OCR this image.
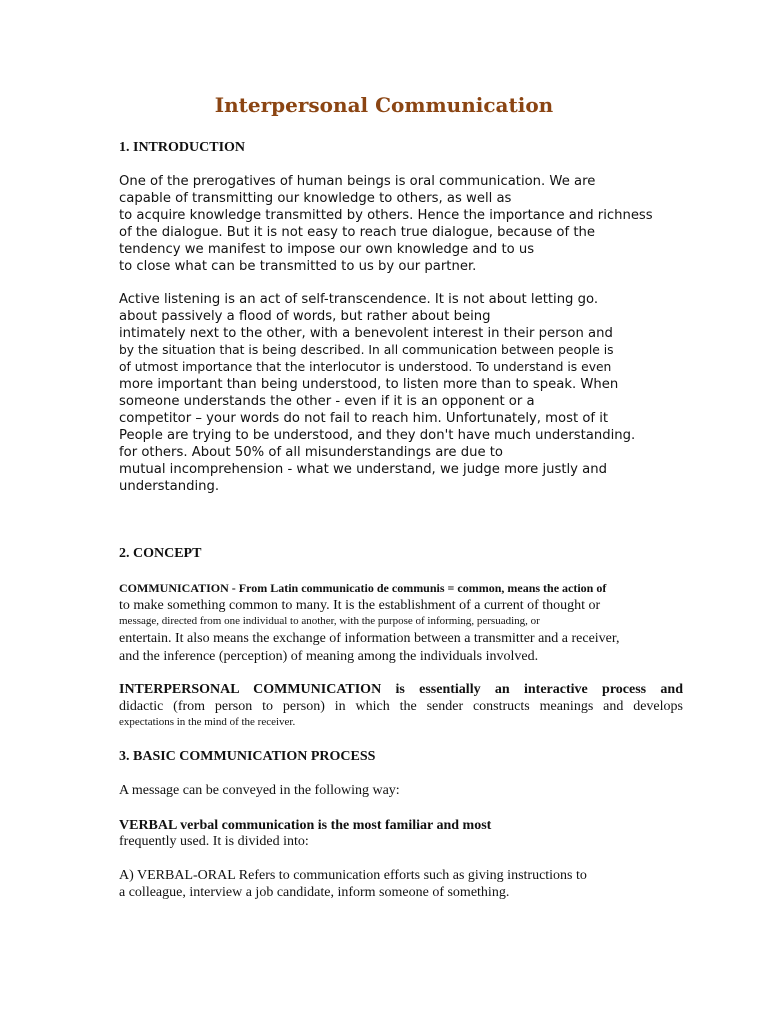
Interpersonal Communication
1. INTRODUCTION

One of the prerogatives of human beings is oral communication. We are

capable of transmitting our knowledge to others, as well as

to acquire knowledge transmitted by others. Hence the importance and richness

of the dialogue. But it is not easy to reach true dialogue, because of the

tendency we manifest to impose our own knowledge and to us

to close what can be transmitted to us by our partner.

Active listening is an act of self-transcendence. It is not about letting go.

about passively a flood of words, but rather about being

intimately next to the other, with a benevolent interest in their person and

by the situation that is being described. In all communication between people is

of utmost importance that the interlocutor is understood. To understand is even

more important than being understood, to listen more than to speak. When

someone understands the other - even if it is an opponent or a

competitor – your words do not fail to reach him. Unfortunately, most of it

People are trying to be understood, and they don't have much understanding.

for others. About 50% of all misunderstandings are due to

mutual incomprehension - what we understand, we judge more justly and

understanding.

2. CONCEPT

COMMUNICATION - From Latin communicatio de communis = common, means the action of

to make something common to many. It is the establishment of a current of thought or

message, directed from one individual to another, with the purpose of informing, persuading, or

entertain. It also means the exchange of information between a transmitter and a receiver,

and the inference (perception) of meaning among the individuals involved.

INTERPERSONAL COMMUNICATION is essentially an interactive process and

didactic (from person to person) in which the sender constructs meanings and develops

expectations in the mind of the receiver.

3. BASIC COMMUNICATION PROCESS

A message can be conveyed in the following way:

VERBAL verbal communication is the most familiar and most

frequently used. It is divided into:

A) VERBAL-ORAL Refers to communication efforts such as giving instructions to

a colleague, interview a job candidate, inform someone of something.
